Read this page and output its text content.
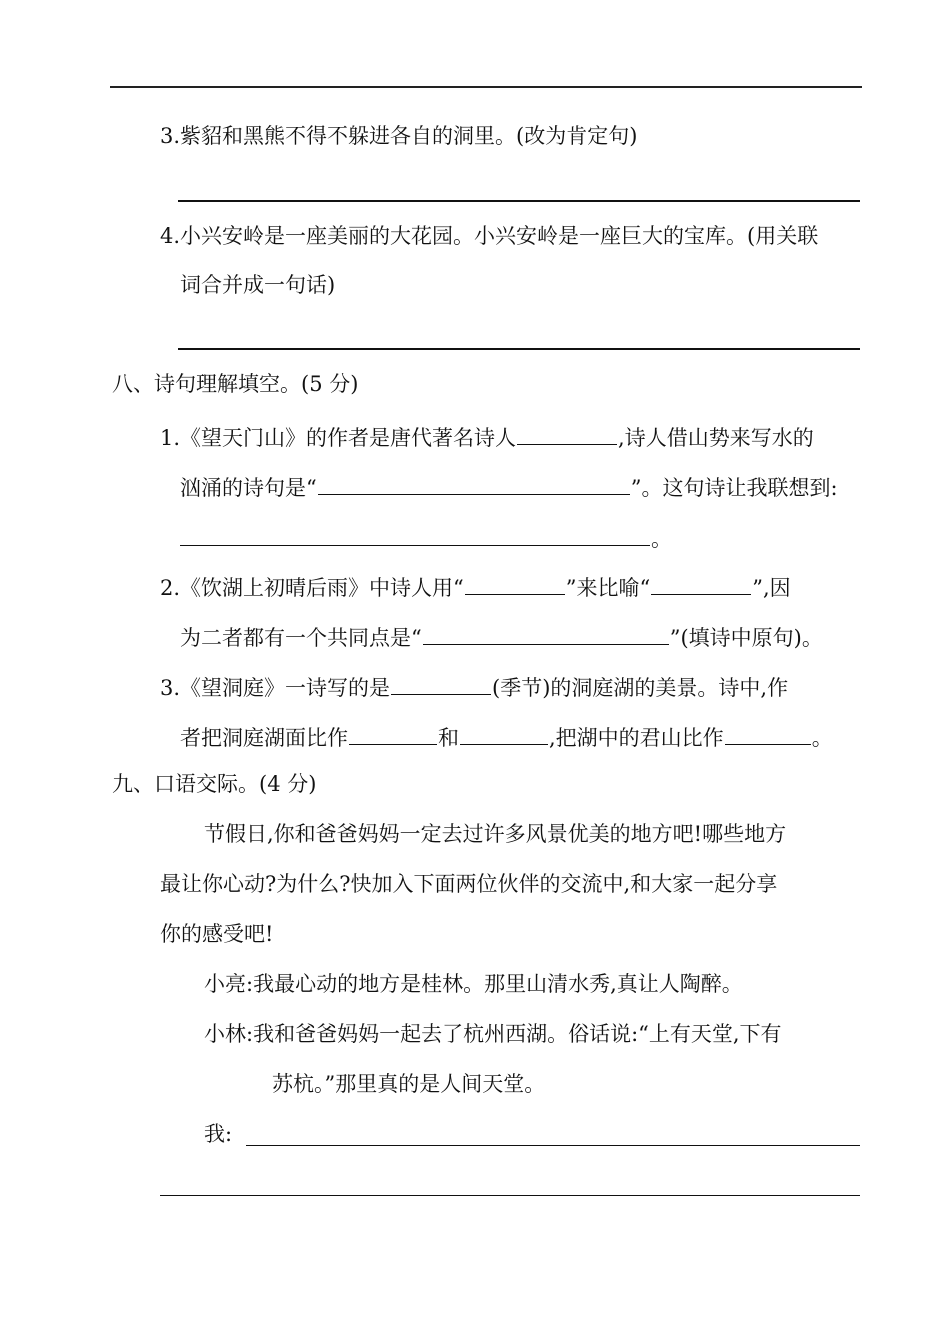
3.紫貂和黑熊不得不躲进各自的洞里。(改为肯定句)
4.小兴安岭是一座美丽的大花园。小兴安岭是一座巨大的宝库。(用关联
词合并成一句话)
八、诗句理解填空。(5 分)
1.《望天门山》的作者是唐代著名诗人	,诗人借山势来写水的
汹涌的诗句是“	”。这句诗让我联想到:
。
2.《饮湖上初晴后雨》中诗人用“	”来比喻“	”,因
为二者都有一个共同点是“	”(填诗中原句)。
3.《望洞庭》一诗写的是	(季节)的洞庭湖的美景。诗中,作
者把洞庭湖面比作	和	,把湖中的君山比作	。
九、口语交际。(4 分)
节假日,你和爸爸妈妈一定去过许多风景优美的地方吧!哪些地方
最让你心动?为什么?快加入下面两位伙伴的交流中,和大家一起分享
你的感受吧!
小亮:我最心动的地方是桂林。那里山清水秀,真让人陶醉。
小林:我和爸爸妈妈一起去了杭州西湖。俗话说:“上有天堂,下有
苏杭。”那里真的是人间天堂。
我:
